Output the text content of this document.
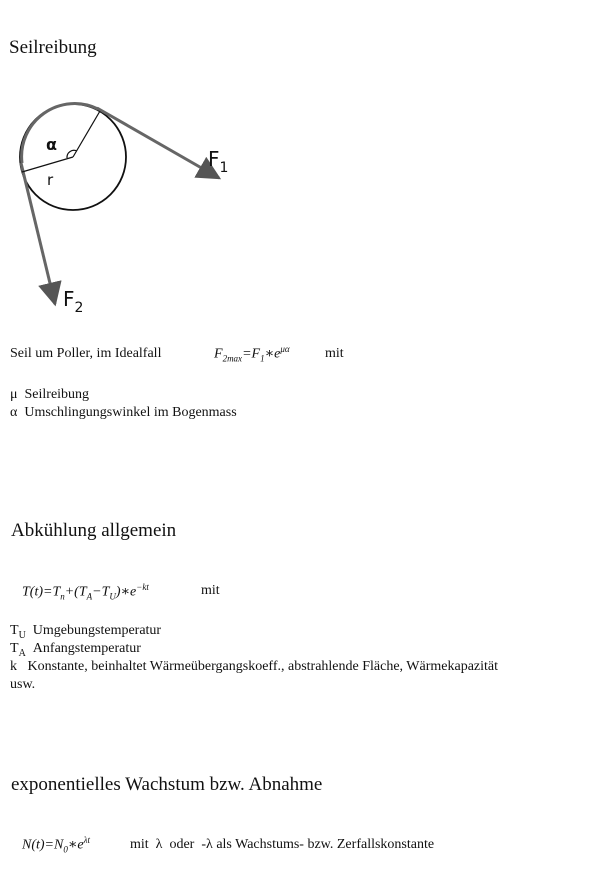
Seilreibung
α
r
$F_1$
$F_2$
Seil um Poller, im Idealfall	$F_{2max}=F_1∗e^{\mu\alpha}$	mit
μ Seilreibung
α Umschlingungswinkel im Bogenmass
Abkühlung allgemein
$T(t)=T_n+(T_A-T_U)∗e^{-kt}$	mit
$T_U$ Umgebungstemperatur
$T_A$ Anfangstemperatur
k Konstante, beinhaltet Wärmeübergangskoeff., abstrahlende Fläche, Wärmekapazität
usw.
exponentielles Wachstum bzw. Abnahme
$N(t)=N_0∗e^{\lambda t}$	mit λ oder -λ als Wachstums- bzw. Zerfallskonstante
